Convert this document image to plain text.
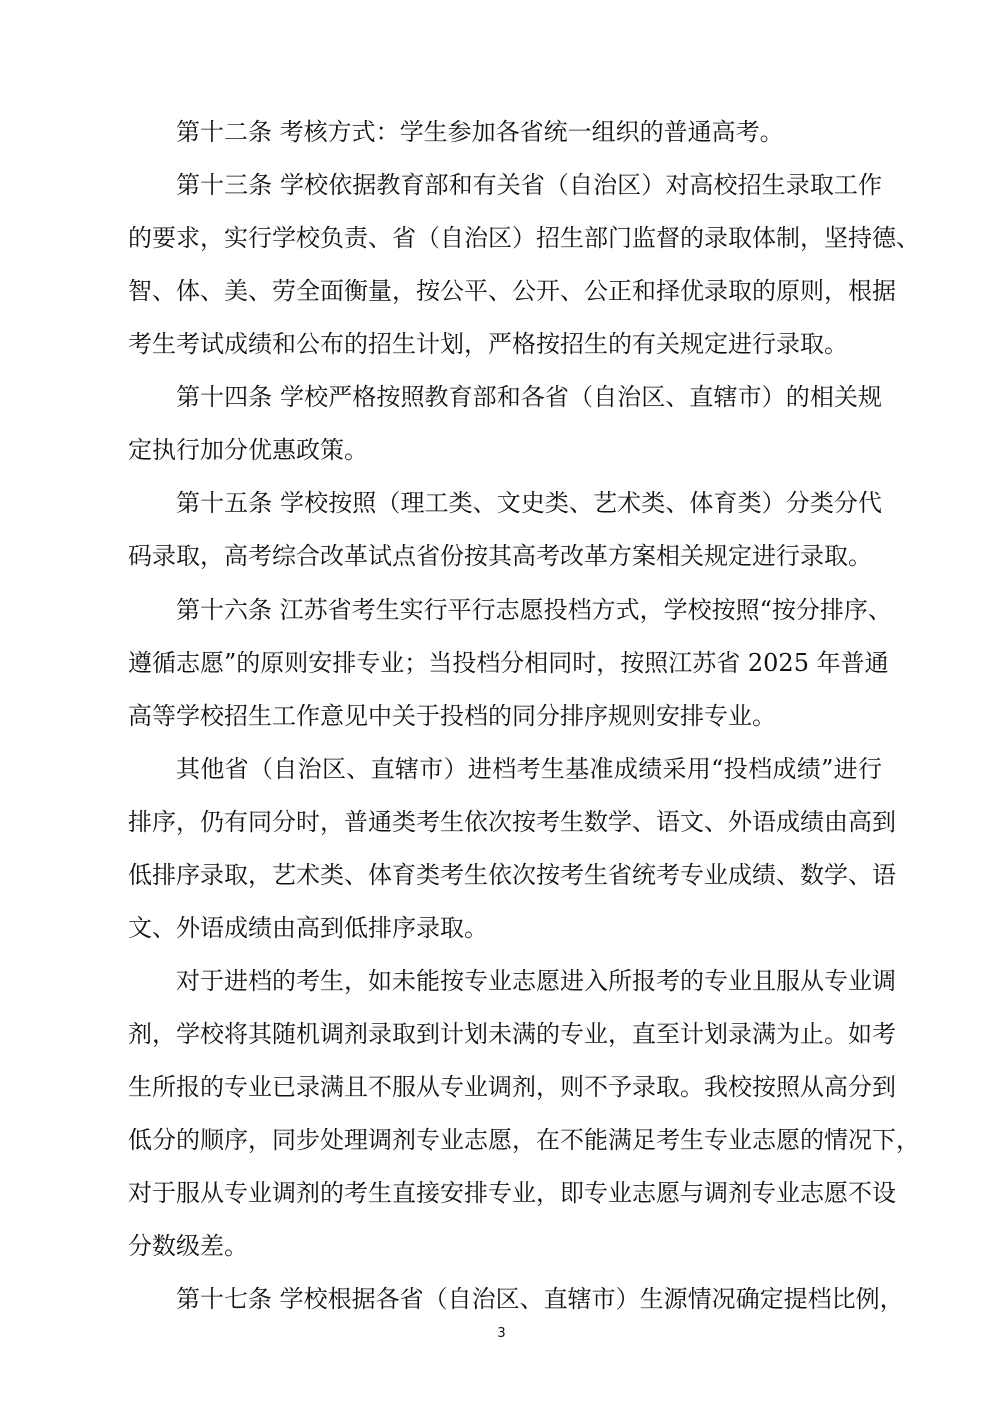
第十二条 考核方式：学生参加各省统一组织的普通高考。
第十三条 学校依据教育部和有关省（自治区）对高校招生录取工作
的要求，实行学校负责、省（自治区）招生部门监督的录取体制，坚持德、
智、体、美、劳全面衡量，按公平、公开、公正和择优录取的原则，根据
考生考试成绩和公布的招生计划，严格按招生的有关规定进行录取。
第十四条 学校严格按照教育部和各省（自治区、直辖市）的相关规
定执行加分优惠政策。
第十五条 学校按照（理工类、文史类、艺术类、体育类）分类分代
码录取，高考综合改革试点省份按其高考改革方案相关规定进行录取。
第十六条 江苏省考生实行平行志愿投档方式，学校按照“按分排序、
遵循志愿”的原则安排专业；当投档分相同时，按照江苏省 2025 年普通
高等学校招生工作意见中关于投档的同分排序规则安排专业。
其他省（自治区、直辖市）进档考生基准成绩采用“投档成绩”进行
排序，仍有同分时，普通类考生依次按考生数学、语文、外语成绩由高到
低排序录取，艺术类、体育类考生依次按考生省统考专业成绩、数学、语
文、外语成绩由高到低排序录取。
对于进档的考生，如未能按专业志愿进入所报考的专业且服从专业调
剂，学校将其随机调剂录取到计划未满的专业，直至计划录满为止。如考
生所报的专业已录满且不服从专业调剂，则不予录取。我校按照从高分到
低分的顺序，同步处理调剂专业志愿，在不能满足考生专业志愿的情况下，
对于服从专业调剂的考生直接安排专业，即专业志愿与调剂专业志愿不设
分数级差。
第十七条 学校根据各省（自治区、直辖市）生源情况确定提档比例，
3
